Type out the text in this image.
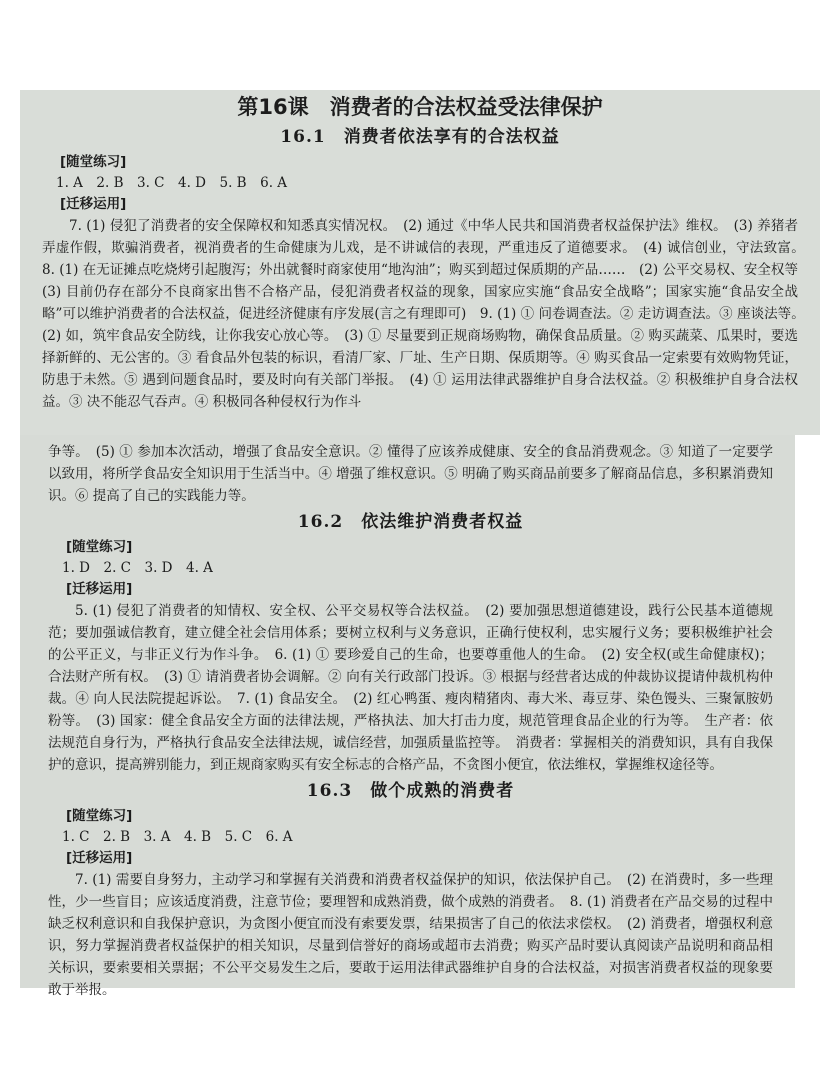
第16课　消费者的合法权益受法律保护
16.1　消费者依法享有的合法权益

[随堂练习]

1. A　2. B　3. C　4. D　5. B　6. A

[迁移运用]

7. (1) 侵犯了消费者的安全保障权和知悉真实情况权。　(2) 通过《中华人民共和国消费者权益保护法》维权。　(3) 养猪者弄虚作假，欺骗消费者，视消费者的生命健康为儿戏，是不讲诚信的表现，严重违反了道德要求。　(4) 诚信创业，守法致富。　8. (1) 在无证摊点吃烧烤引起腹泻；外出就餐时商家使用“地沟油”；购买到超过保质期的产品……　(2) 公平交易权、安全权等　(3) 目前仍存在部分不良商家出售不合格产品，侵犯消费者权益的现象，国家应实施“食品安全战略”；国家实施“食品安全战略”可以维护消费者的合法权益，促进经济健康有序发展(言之有理即可)　9. (1) ① 问卷调查法。② 走访调查法。③ 座谈法等。　(2) 如，筑牢食品安全防线，让你我安心放心等。　(3) ① 尽量要到正规商场购物，确保食品质量。② 购买蔬菜、瓜果时，要选择新鲜的、无公害的。③ 看食品外包装的标识，看清厂家、厂址、生产日期、保质期等。④ 购买食品一定索要有效购物凭证，防患于未然。⑤ 遇到问题食品时，要及时向有关部门举报。　(4) ① 运用法律武器维护自身合法权益。② 积极维护自身合法权益。③ 决不能忍气吞声。④ 积极同各种侵权行为作斗

争等。　(5) ① 参加本次活动，增强了食品安全意识。② 懂得了应该养成健康、安全的食品消费观念。③ 知道了一定要学以致用，将所学食品安全知识用于生活当中。④ 增强了维权意识。⑤ 明确了购买商品前要多了解商品信息，多积累消费知识。⑥ 提高了自己的实践能力等。

16.2　依法维护消费者权益

[随堂练习]

1. D　2. C　3. D　4. A

[迁移运用]

5. (1) 侵犯了消费者的知情权、安全权、公平交易权等合法权益。　(2) 要加强思想道德建设，践行公民基本道德规范；要加强诚信教育，建立健全社会信用体系；要树立权利与义务意识，正确行使权利，忠实履行义务；要积极维护社会的公平正义，与非正义行为作斗争。　6. (1) ① 要珍爱自己的生命，也要尊重他人的生命。　(2) 安全权(或生命健康权)；合法财产所有权。　(3) ① 请消费者协会调解。② 向有关行政部门投诉。③ 根据与经营者达成的仲裁协议提请仲裁机构仲裁。④ 向人民法院提起诉讼。　7. (1) 食品安全。　(2) 红心鸭蛋、瘦肉精猪肉、毒大米、毒豆芽、染色馒头、三聚氰胺奶粉等。　(3) 国家：健全食品安全方面的法律法规，严格执法、加大打击力度，规范管理食品企业的行为等。　生产者：依法规范自身行为，严格执行食品安全法律法规，诚信经营，加强质量监控等。　消费者：掌握相关的消费知识，具有自我保护的意识，提高辨别能力，到正规商家购买有安全标志的合格产品，不贪图小便宜，依法维权，掌握维权途径等。

16.3　做个成熟的消费者

[随堂练习]

1. C　2. B　3. A　4. B　5. C　6. A

[迁移运用]

7. (1) 需要自身努力，主动学习和掌握有关消费和消费者权益保护的知识，依法保护自己。　(2) 在消费时，多一些理性，少一些盲目；应该适度消费，注意节俭；要理智和成熟消费，做个成熟的消费者。　8. (1) 消费者在产品交易的过程中缺乏权利意识和自我保护意识，为贪图小便宜而没有索要发票，结果损害了自己的依法求偿权。　(2) 消费者，增强权利意识，努力掌握消费者权益保护的相关知识，尽量到信誉好的商场或超市去消费；购买产品时要认真阅读产品说明和商品相关标识，要索要相关票据；不公平交易发生之后，要敢于运用法律武器维护自身的合法权益，对损害消费者权益的现象要敢于举报。
